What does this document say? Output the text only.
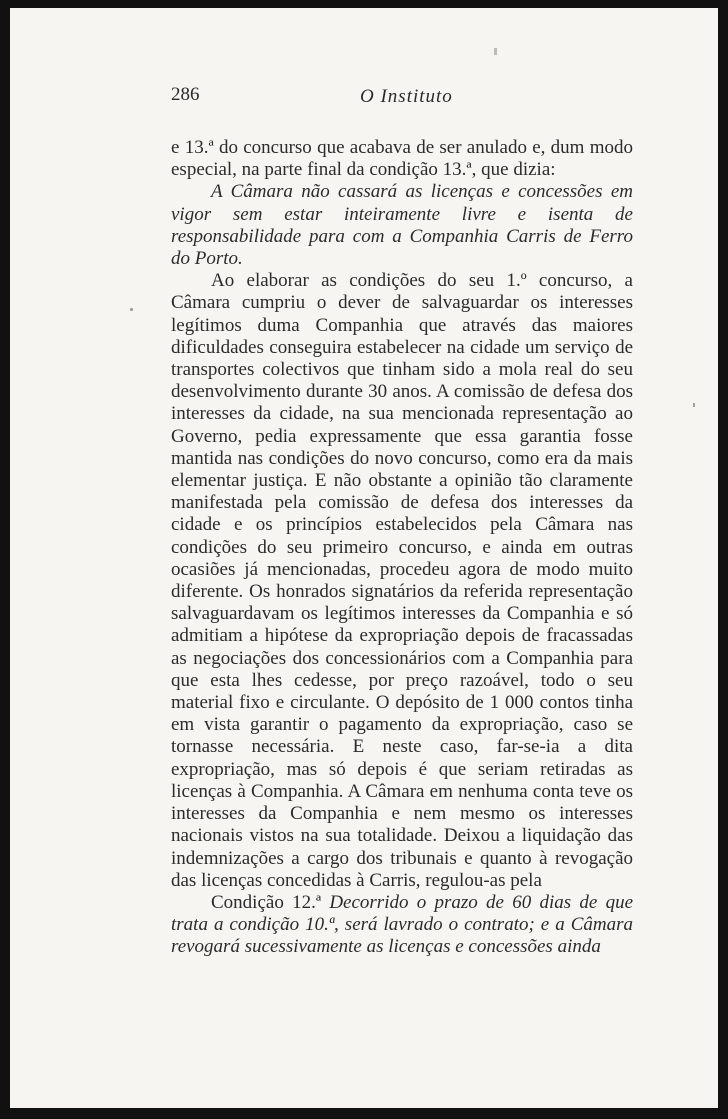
286	O Instituto

e 13.ª do concurso que acabava de ser anulado e, dum modo especial, na parte final da condição 13.ª, que dizia:

A Câmara não cassará as licenças e concessões em vigor sem estar inteiramente livre e isenta de responsabilidade para com a Companhia Carris de Ferro do Porto.

Ao elaborar as condições do seu 1.º concurso, a Câmara cumpriu o dever de salvaguardar os interesses legítimos duma Companhia que através das maiores dificuldades conseguira estabelecer na cidade um serviço de transportes colectivos que tinham sido a mola real do seu desenvolvimento durante 30 anos. A comissão de defesa dos interesses da cidade, na sua mencionada representação ao Governo, pedia expressamente que essa garantia fosse mantida nas condições do novo concurso, como era da mais elementar justiça. E não obstante a opinião tão claramente manifestada pela comissão de defesa dos interesses da cidade e os princípios estabelecidos pela Câmara nas condições do seu primeiro concurso, e ainda em outras ocasiões já mencionadas, procedeu agora de modo muito diferente. Os honrados signatários da referida representação salvaguardavam os legítimos interesses da Companhia e só admitiam a hipótese da expropriação depois de fracassadas as negociações dos concessionários com a Companhia para que esta lhes cedesse, por preço razoável, todo o seu material fixo e circulante. O depósito de 1 000 contos tinha em vista garantir o pagamento da expropriação, caso se tornasse necessária. E neste caso, far-se-ia a dita expropriação, mas só depois é que seriam retiradas as licenças à Companhia. A Câmara em nenhuma conta teve os interesses da Companhia e nem mesmo os interesses nacionais vistos na sua totalidade. Deixou a liquidação das indemnizações a cargo dos tribunais e quanto à revogação das licenças concedidas à Carris, regulou-as pela

Condição 12.ª Decorrido o prazo de 60 dias de que trata a condição 10.ª, será lavrado o contrato; e a Câmara revogará sucessivamente as licenças e concessões ainda
